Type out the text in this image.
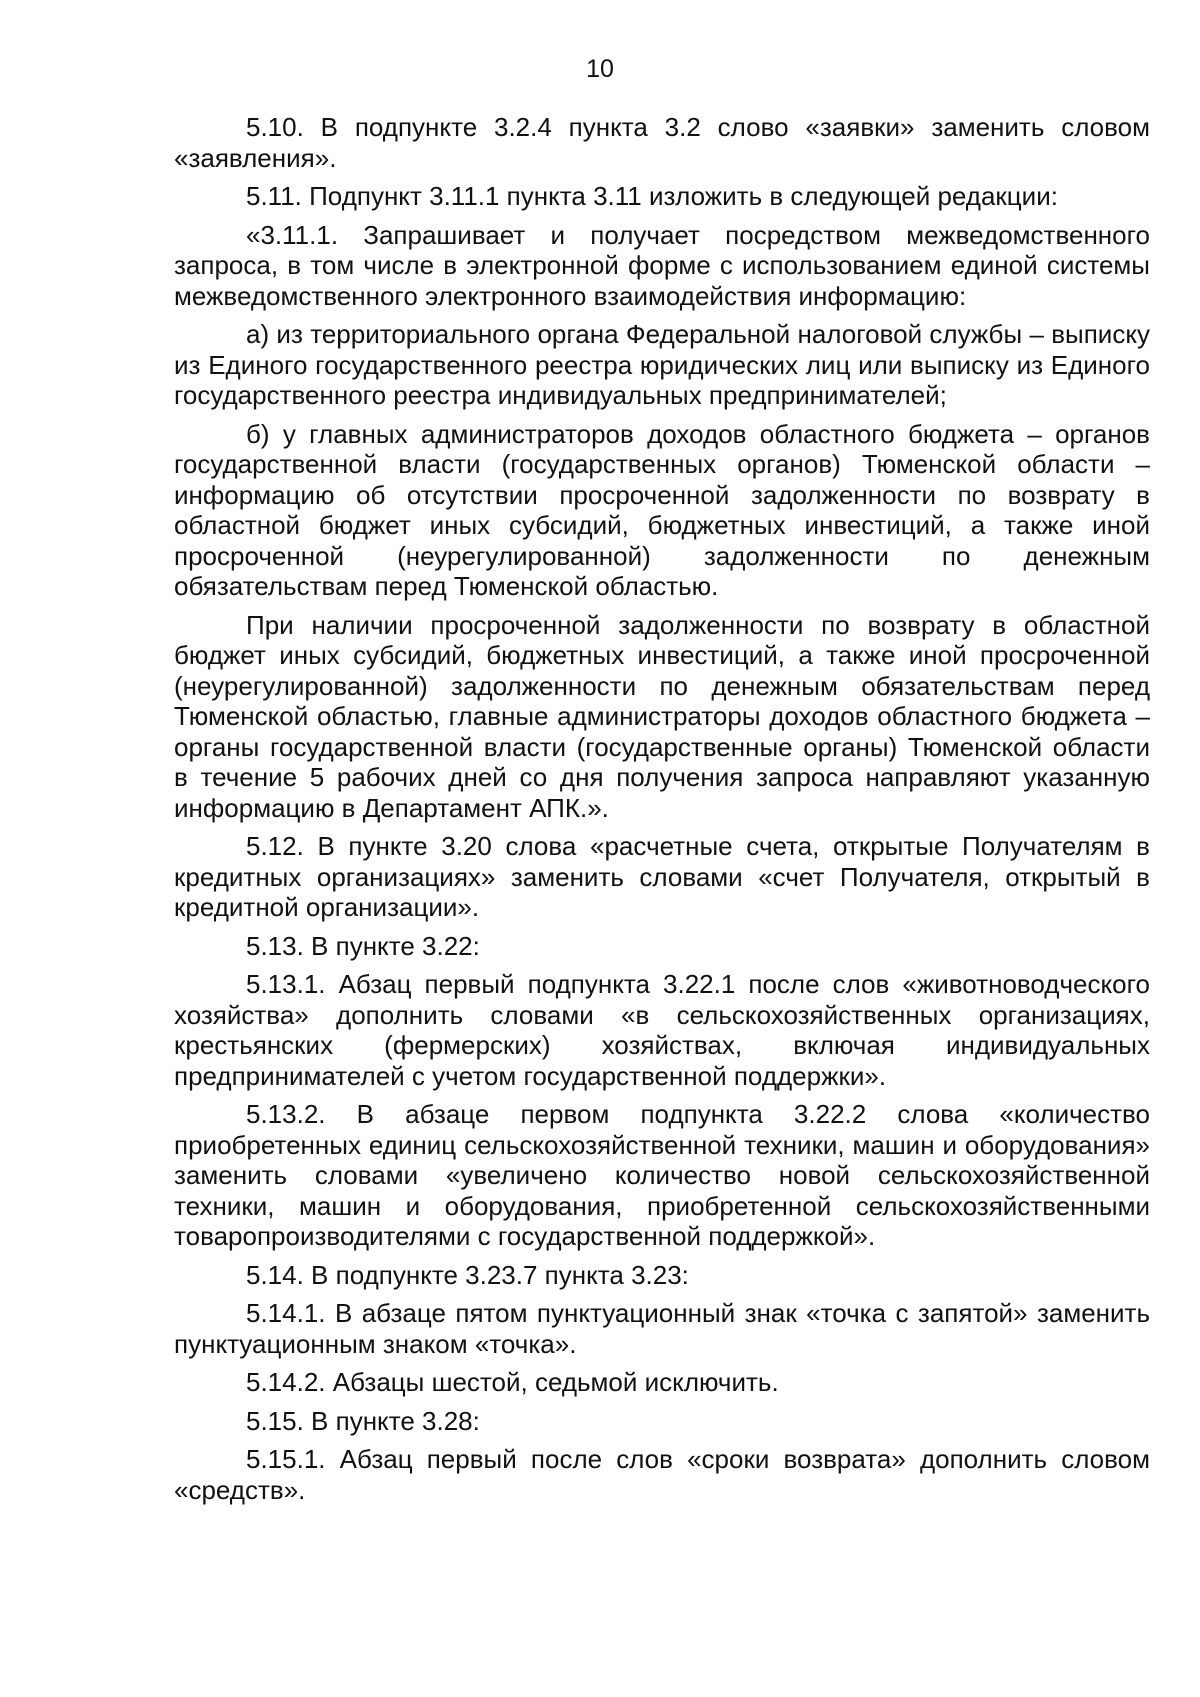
10

5.10. В подпункте 3.2.4 пункта 3.2 слово «заявки» заменить словом «заявления».

5.11. Подпункт 3.11.1 пункта 3.11 изложить в следующей редакции:

«3.11.1. Запрашивает и получает посредством межведомственного запроса, в том числе в электронной форме с использованием единой системы межведомственного электронного взаимодействия информацию:

а) из территориального органа Федеральной налоговой службы – выписку из Единого государственного реестра юридических лиц или выписку из Единого государственного реестра индивидуальных предпринимателей;

б) у главных администраторов доходов областного бюджета – органов государственной власти (государственных органов) Тюменской области – информацию об отсутствии просроченной задолженности по возврату в областной бюджет иных субсидий, бюджетных инвестиций, а также иной просроченной (неурегулированной) задолженности по денежным обязательствам перед Тюменской областью.

При наличии просроченной задолженности по возврату в областной бюджет иных субсидий, бюджетных инвестиций, а также иной просроченной (неурегулированной) задолженности по денежным обязательствам перед Тюменской областью, главные администраторы доходов областного бюджета – органы государственной власти (государственные органы) Тюменской области в течение 5 рабочих дней со дня получения запроса направляют указанную информацию в Департамент АПК.».

5.12. В пункте 3.20 слова «расчетные счета, открытые Получателям в кредитных организациях» заменить словами «счет Получателя, открытый в кредитной организации».

5.13. В пункте 3.22:

5.13.1. Абзац первый подпункта 3.22.1 после слов «животноводческого хозяйства» дополнить словами «в сельскохозяйственных организациях, крестьянских (фермерских) хозяйствах, включая индивидуальных предпринимателей с учетом государственной поддержки».

5.13.2. В абзаце первом подпункта 3.22.2 слова «количество приобретенных единиц сельскохозяйственной техники, машин и оборудования» заменить словами «увеличено количество новой сельскохозяйственной техники, машин и оборудования, приобретенной сельскохозяйственными товаропроизводителями с государственной поддержкой».

5.14. В подпункте 3.23.7 пункта 3.23:

5.14.1. В абзаце пятом пунктуационный знак «точка с запятой» заменить пунктуационным знаком «точка».

5.14.2. Абзацы шестой, седьмой исключить.

5.15. В пункте 3.28:

5.15.1. Абзац первый после слов «сроки возврата» дополнить словом «средств».
